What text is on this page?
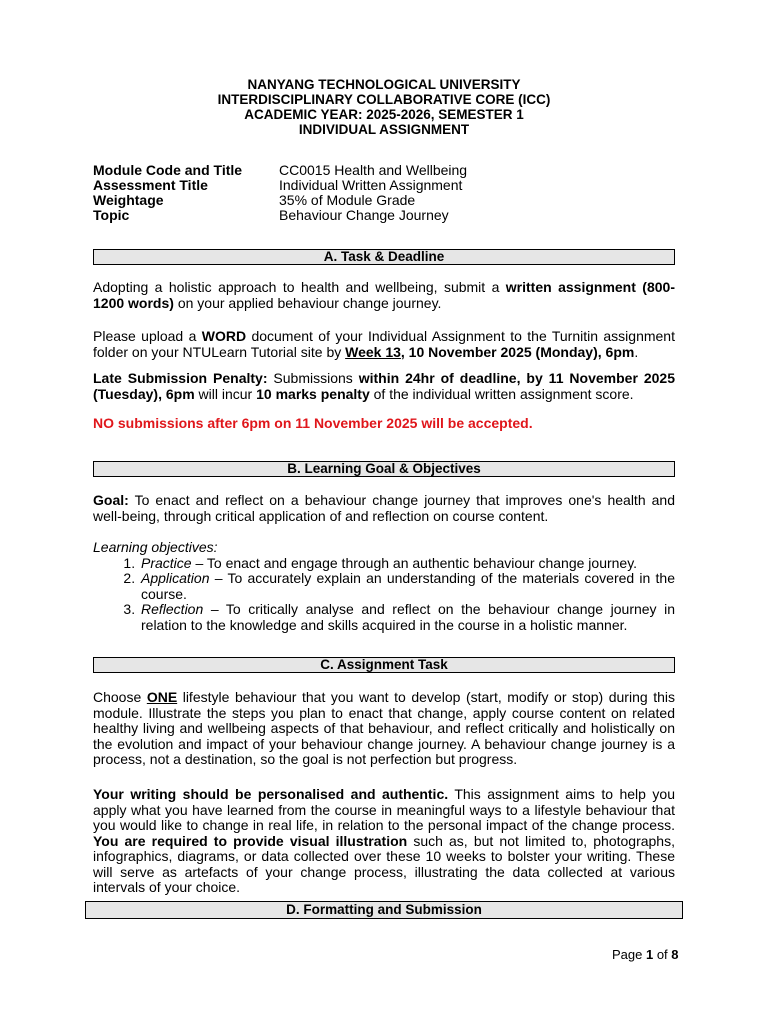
NANYANG TECHNOLOGICAL UNIVERSITY
INTERDISCIPLINARY COLLABORATIVE CORE (ICC)
ACADEMIC YEAR: 2025-2026, SEMESTER 1
INDIVIDUAL ASSIGNMENT
Module Code and Title	CC0015 Health and Wellbeing
Assessment Title	Individual Written Assignment
Weightage	35% of Module Grade
Topic	Behaviour Change Journey
A. Task & Deadline
Adopting a holistic approach to health and wellbeing, submit a written assignment (800-1200 words) on your applied behaviour change journey.
Please upload a WORD document of your Individual Assignment to the Turnitin assignment folder on your NTULearn Tutorial site by Week 13, 10 November 2025 (Monday), 6pm.
Late Submission Penalty: Submissions within 24hr of deadline, by 11 November 2025 (Tuesday), 6pm will incur 10 marks penalty of the individual written assignment score.
NO submissions after 6pm on 11 November 2025 will be accepted.
B. Learning Goal & Objectives
Goal: To enact and reflect on a behaviour change journey that improves one's health and well-being, through critical application of and reflection on course content.
Learning objectives:
1. Practice – To enact and engage through an authentic behaviour change journey.
2. Application – To accurately explain an understanding of the materials covered in the course.
3. Reflection – To critically analyse and reflect on the behaviour change journey in relation to the knowledge and skills acquired in the course in a holistic manner.
C. Assignment Task
Choose ONE lifestyle behaviour that you want to develop (start, modify or stop) during this module. Illustrate the steps you plan to enact that change, apply course content on related healthy living and wellbeing aspects of that behaviour, and reflect critically and holistically on the evolution and impact of your behaviour change journey. A behaviour change journey is a process, not a destination, so the goal is not perfection but progress.
Your writing should be personalised and authentic. This assignment aims to help you apply what you have learned from the course in meaningful ways to a lifestyle behaviour that you would like to change in real life, in relation to the personal impact of the change process. You are required to provide visual illustration such as, but not limited to, photographs, infographics, diagrams, or data collected over these 10 weeks to bolster your writing. These will serve as artefacts of your change process, illustrating the data collected at various intervals of your choice.
D. Formatting and Submission
Page 1 of 8
